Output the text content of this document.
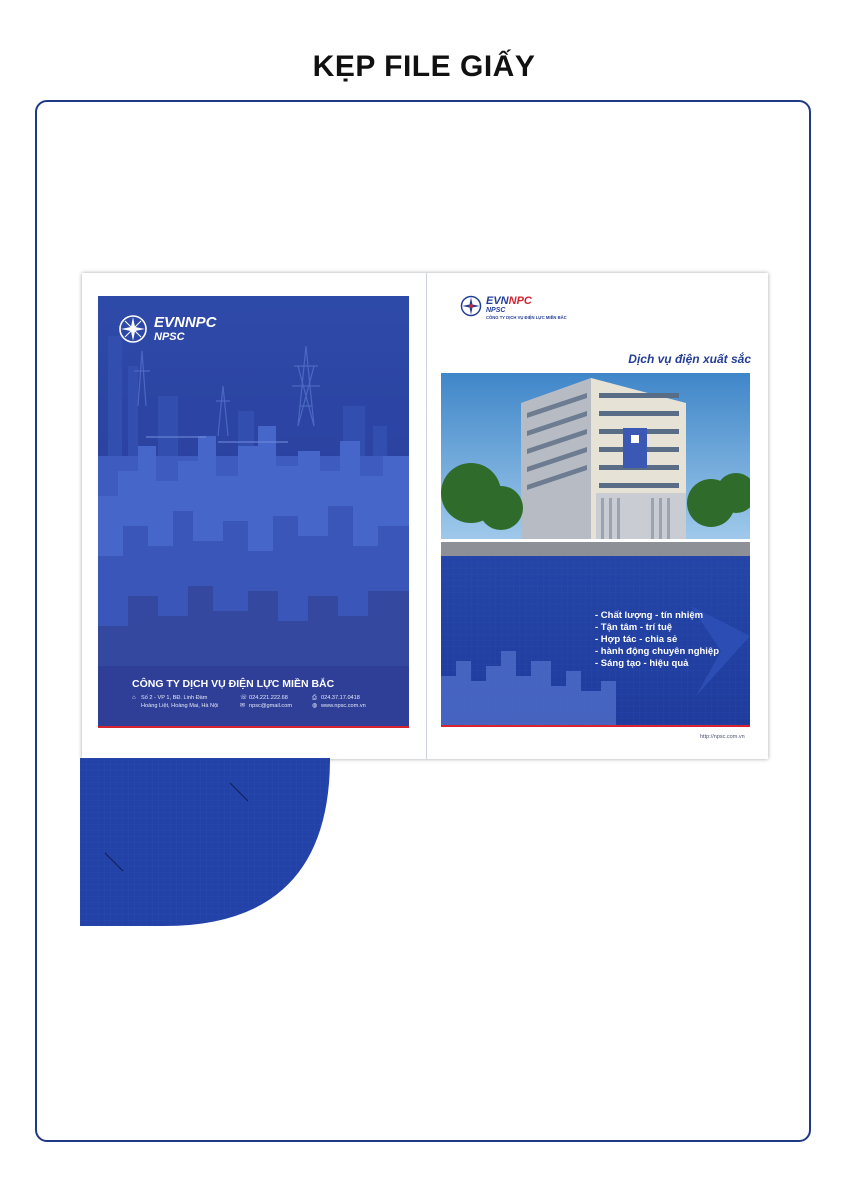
KẸP FILE GIẤY
EVNNPC
NPSC
CÔNG TY DỊCH VỤ ĐIỆN LỰC MIỀN BẮC
⌂ Số 2 - VP 1, BĐ. Linh Đàm
Hoàng Liệt, Hoàng Mai, Hà Nội
☏024.221.222.68
✉ npsc@gmail.com
⎙ 024.37.17.0418
◍ www.npsc.com.vn
EVNNPC
NPSC
CÔNG TY DỊCH VỤ ĐIỆN LỰC MIỀN BẮC
Dịch vụ điện xuất sắc
- Chất lượng - tín nhiệm
- Tận tâm - trí tuệ
- Hợp tác - chia sẻ
- hành động chuyên nghiệp
- Sáng tạo - hiệu quả
http://npsc.com.vn
